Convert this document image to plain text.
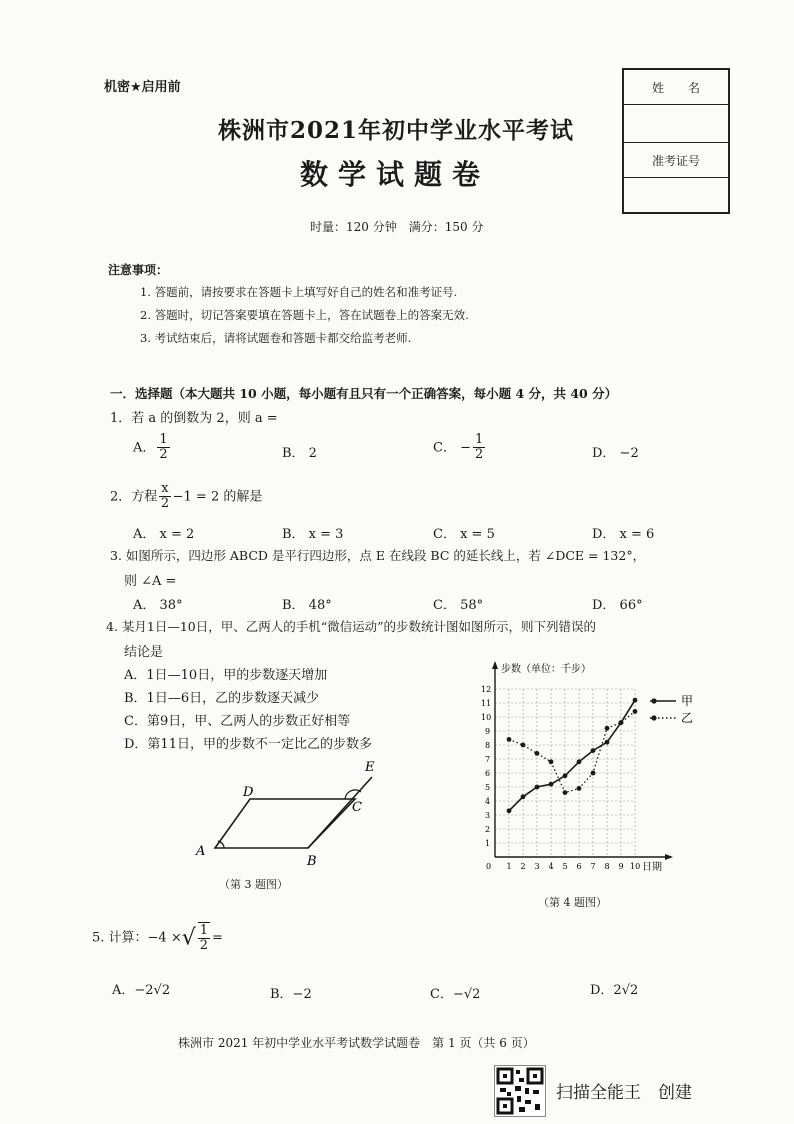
机密★启用前
株洲市2021年初中学业水平考试
数学试题卷
时量：120 分钟　满分：150 分
姓　　名
准考证号
注意事项：
1. 答题前，请按要求在答题卡上填写好自己的姓名和准考证号.
2. 答题时，切记答案要填在答题卡上，答在试题卷上的答案无效.
3. 考试结束后，请将试题卷和答题卡都交给监考老师.
一．选择题（本大题共 10 小题，每小题有且只有一个正确答案，每小题 4 分，共 40 分）
1．若 a 的倒数为 2，则 a =
A． $\frac{1}{2}$	B． 2	C． − $\frac{1}{2}$	D． −2
2．方程 $\frac{x}{2} -1 = 2$ 的解是
A． x = 2	B． x = 3	C． x = 5	D． x = 6
3. 如图所示，四边形 ABCD 是平行四边形，点 E 在线段 BC 的延长线上，若 ∠DCE = 132°，
则 ∠A =
A． 38°	B． 48°	C． 58°	D． 66°
4. 某月1日—10日，甲、乙两人的手机“微信运动”的步数统计图如图所示，则下列错误的
结论是
A．1日—10日，甲的步数逐天增加
B．1日—6日，乙的步数逐天减少
C．第9日，甲、乙两人的步数正好相等
D．第11日，甲的步数不一定比乙的步数多
A
B
C
D
E
（第 3 题图）
0 1 2 3 4 5 6 7 8 9 10
1
2
3
4
5
6
7
8
9
10
11
12
步数（单位：千步）
日期
甲
乙
（第 4 题图）
5. 计算：−4 ×√ $\frac{1}{2}$ =
A．−2√2	B．−2	C．−√2	D．2√2
株洲市 2021 年初中学业水平考试数学试题卷　第 1 页（共 6 页）
扫描全能王　创建
